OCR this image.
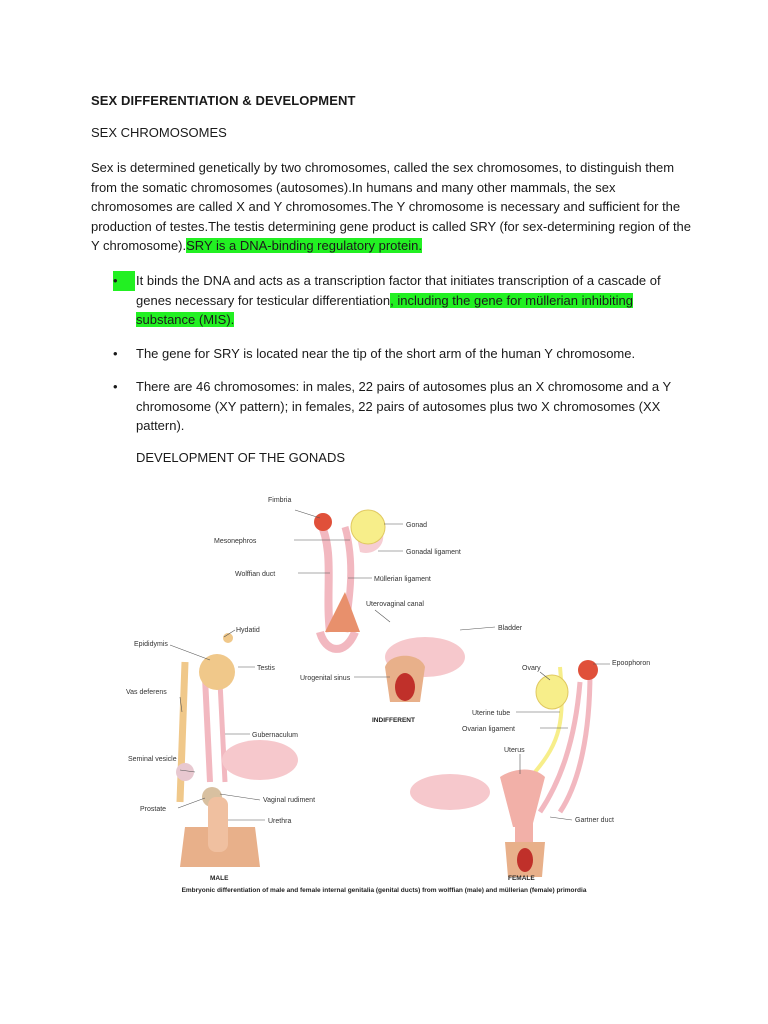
SEX DIFFERENTIATION & DEVELOPMENT
SEX CHROMOSOMES
Sex is determined genetically by two chromosomes, called the sex chromosomes, to distinguish them from the somatic chromosomes (autosomes).In humans and many other mammals, the sex chromosomes are called X and Y chromosomes.The Y chromosome is necessary and sufficient for the production of testes.The testis determining gene product is called SRY (for sex-determining region of the Y chromosome).SRY is a DNA-binding regulatory protein.
•	It binds the DNA and acts as a transcription factor that initiates transcription of a cascade of genes necessary for testicular differentiation, including the gene for müllerian inhibiting substance (MIS).
•	The gene for SRY is located near the tip of the short arm of the human Y chromosome.
•	There are 46 chromosomes: in males, 22 pairs of autosomes plus an X chromosome and a Y chromosome (XY pattern); in females, 22 pairs of autosomes plus two X chromosomes (XX pattern).
DEVELOPMENT OF THE GONADS
Fimbria
Gonad
Mesonephros
Gonadal ligament
Wolffian duct
Müllerian ligament
Uterovaginal canal
Bladder
Urogenital sinus
INDIFFERENT
Hydatid
Epididymis
Testis
Vas deferens
Gubernaculum
Seminal vesicle
Prostate
Vaginal rudiment
Urethra
MALE
Ovary
Epoophoron
Uterine tube
Ovarian ligament
Uterus
Gartner duct
FEMALE
Embryonic differentiation of male and female internal genitalia (genital ducts) from wolffian (male) and müllerian (female) primordia
